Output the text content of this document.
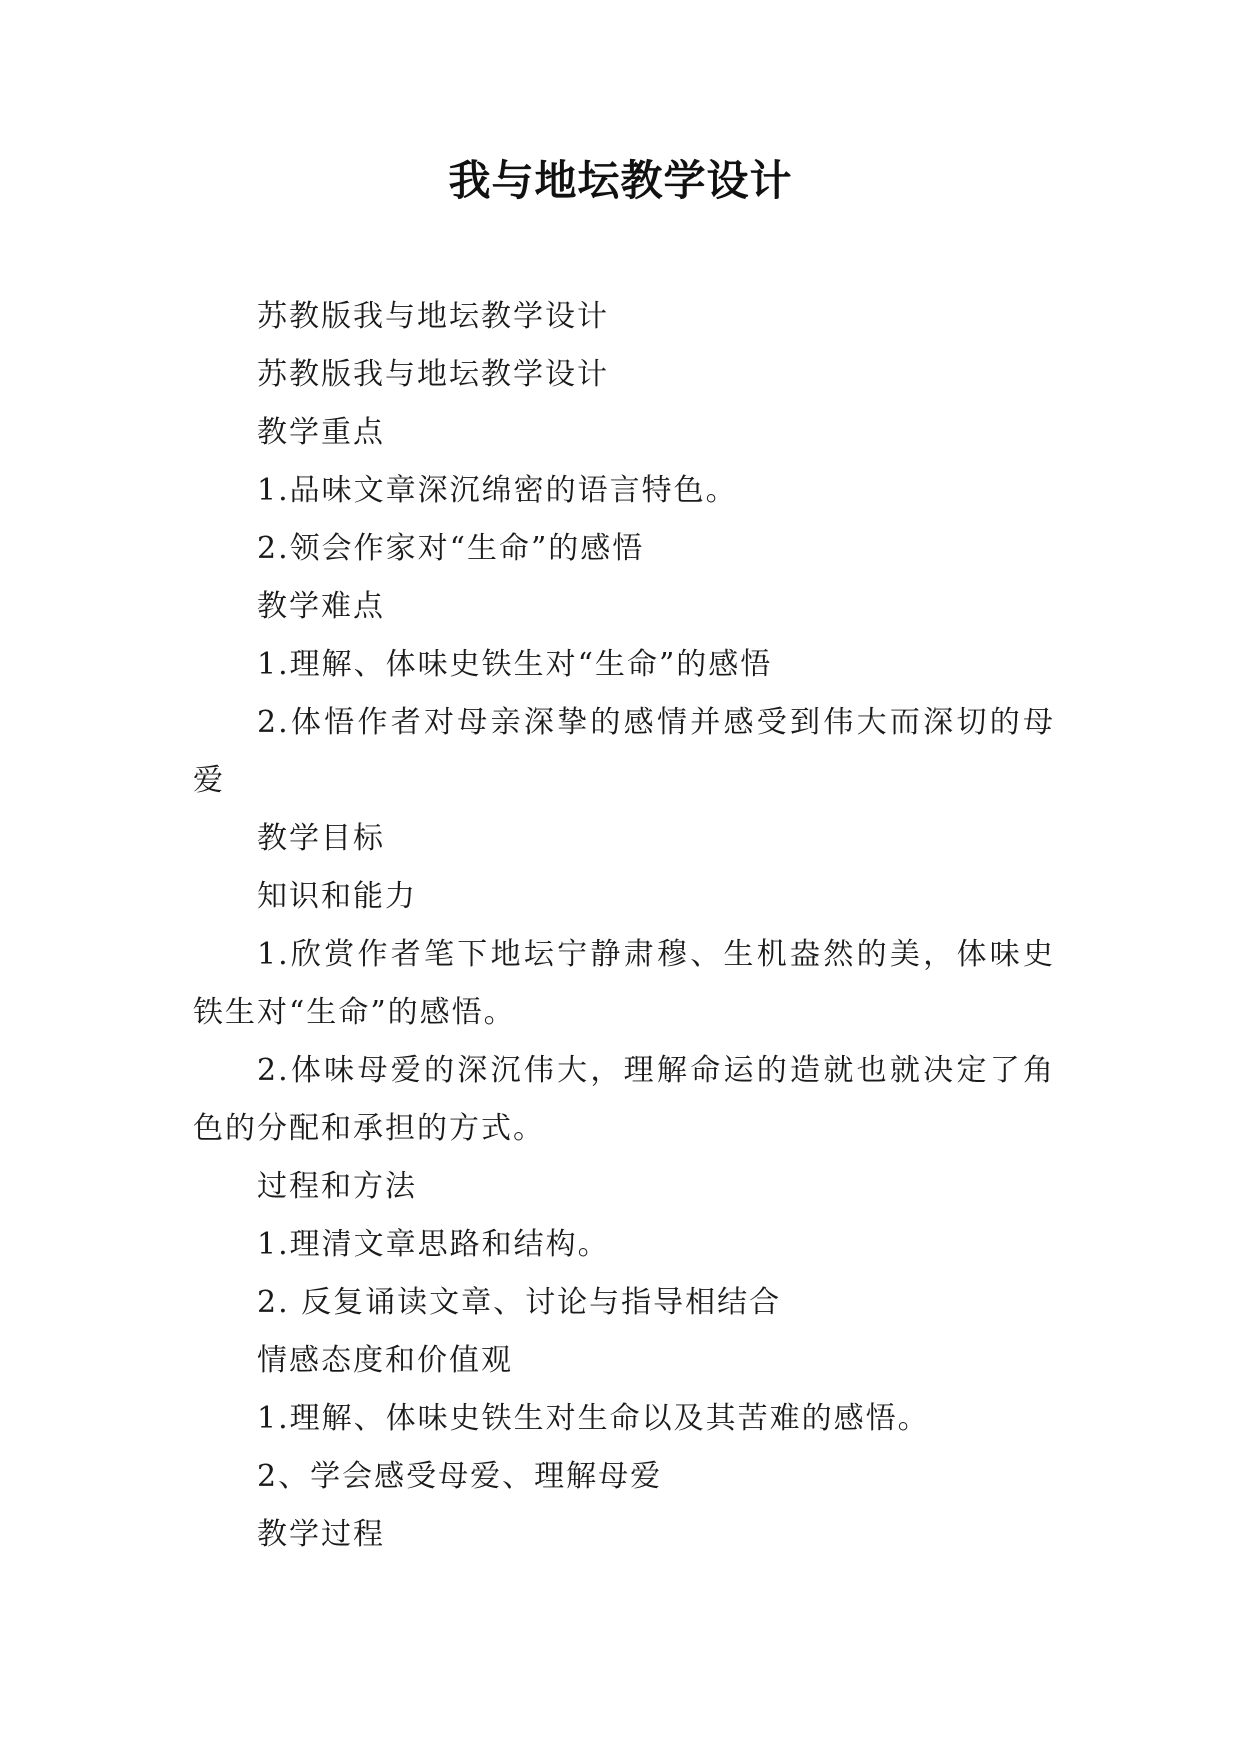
我与地坛教学设计

苏教版我与地坛教学设计

苏教版我与地坛教学设计

教学重点

1.品味文章深沉绵密的语言特色。

2.领会作家对“生命”的感悟

教学难点

1.理解、体味史铁生对“生命”的感悟

2.体悟作者对母亲深挚的感情并感受到伟大而深切的母爱

教学目标

知识和能力

1.欣赏作者笔下地坛宁静肃穆、生机盎然的美，体味史铁生对“生命”的感悟。

2.体味母爱的深沉伟大，理解命运的造就也就决定了角色的分配和承担的方式。

过程和方法

1.理清文章思路和结构。

2. 反复诵读文章、讨论与指导相结合

情感态度和价值观

1.理解、体味史铁生对生命以及其苦难的感悟。

2、学会感受母爱、理解母爱

教学过程
